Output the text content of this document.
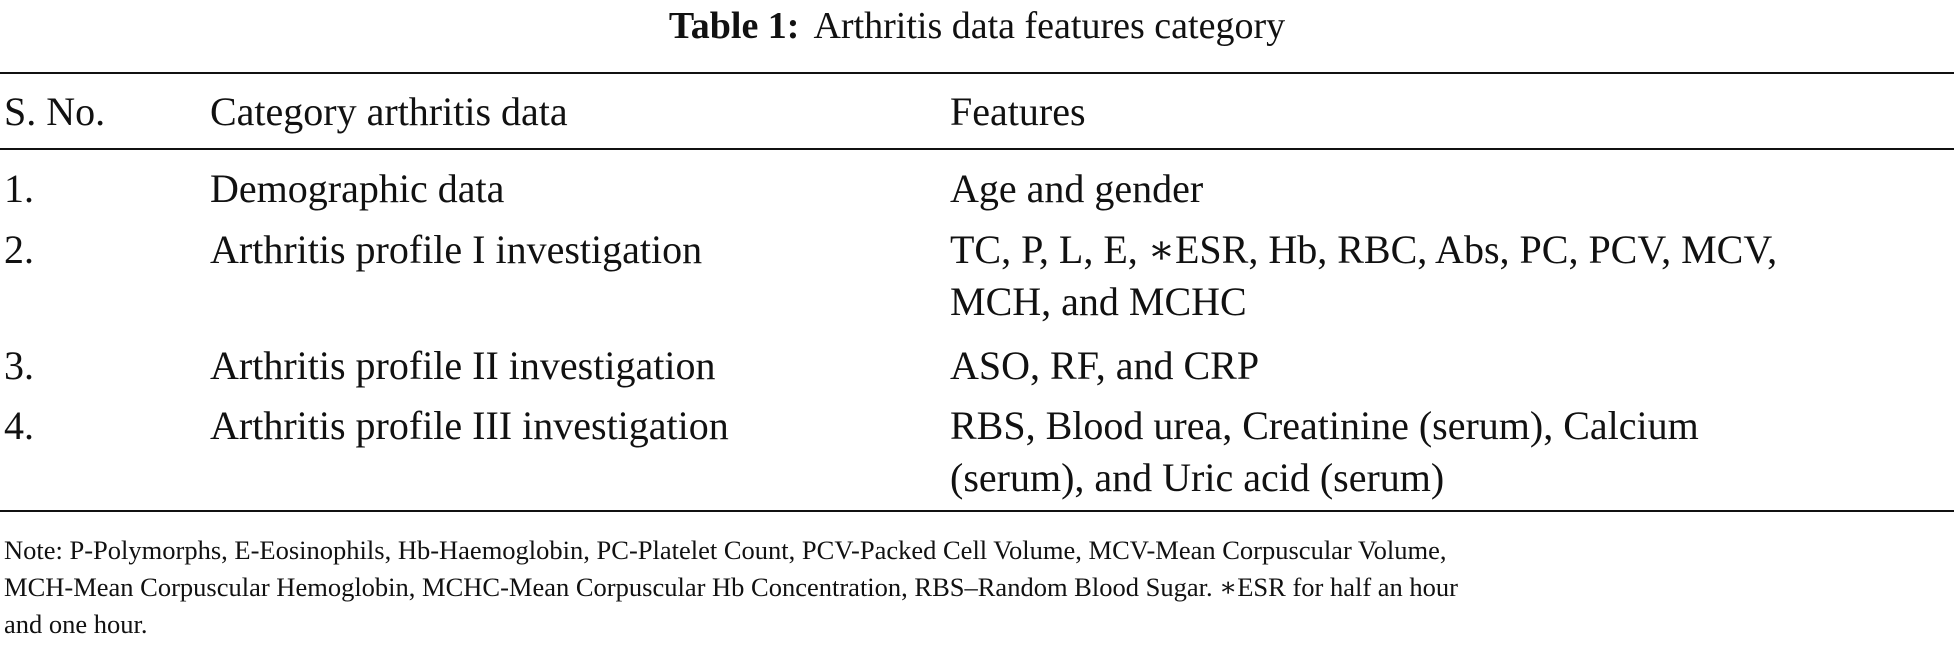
Table 1: Arthritis data features category
S. No.	Category arthritis data	Features
1.	Demographic data	Age and gender
2.	Arthritis profile I investigation	TC, P, L, E, ∗ESR, Hb, RBC, Abs, PC, PCV, MCV,
MCH, and MCHC
3.	Arthritis profile II investigation	ASO, RF, and CRP
4.	Arthritis profile III investigation	RBS, Blood urea, Creatinine (serum), Calcium
(serum), and Uric acid (serum)
Note: P-Polymorphs, E-Eosinophils, Hb-Haemoglobin, PC-Platelet Count, PCV-Packed Cell Volume, MCV-Mean Corpuscular Volume,
MCH-Mean Corpuscular Hemoglobin, MCHC-Mean Corpuscular Hb Concentration, RBS–Random Blood Sugar. ∗ESR for half an hour
and one hour.
